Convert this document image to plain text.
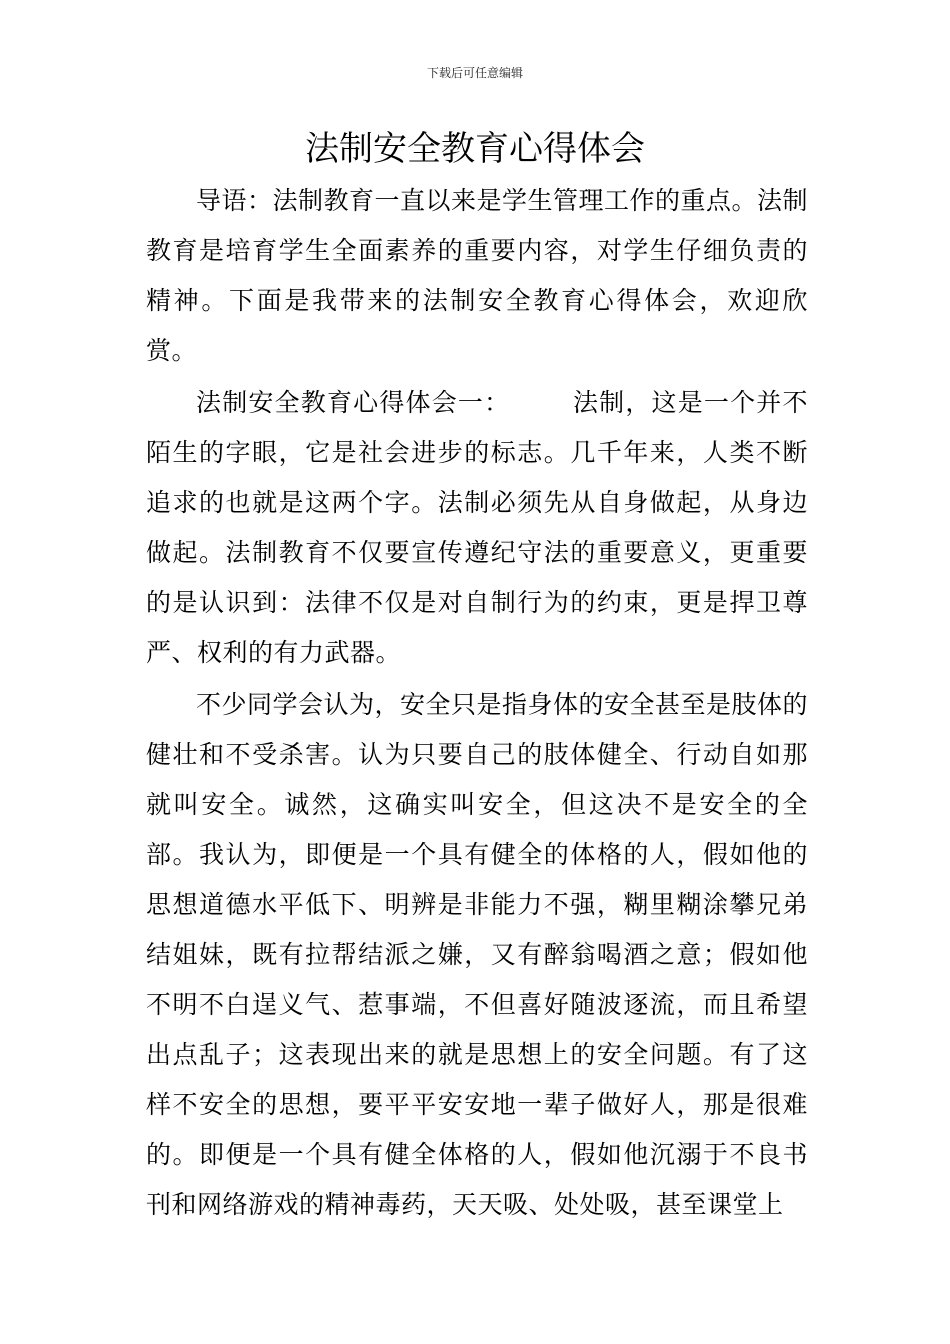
下载后可任意编辑
法制安全教育心得体会

导语：法制教育一直以来是学生管理工作的重点。法制教育是培育学生全面素养的重要内容，对学生仔细负责的精神。下面是我带来的法制安全教育心得体会，欢迎欣赏。

法制安全教育心得体会一： 法制，这是一个并不陌生的字眼，它是社会进步的标志。几千年来，人类不断追求的也就是这两个字。法制必须先从自身做起，从身边做起。法制教育不仅要宣传遵纪守法的重要意义，更重要的是认识到：法律不仅是对自制行为的约束，更是捍卫尊严、权利的有力武器。

不少同学会认为，安全只是指身体的安全甚至是肢体的健壮和不受杀害。认为只要自己的肢体健全、行动自如那就叫安全。诚然，这确实叫安全，但这决不是安全的全部。我认为，即便是一个具有健全的体格的人，假如他的思想道德水平低下、明辨是非能力不强，糊里糊涂攀兄弟结姐妹，既有拉帮结派之嫌，又有醉翁喝酒之意；假如他不明不白逞义气、惹事端，不但喜好随波逐流，而且希望出点乱子；这表现出来的就是思想上的安全问题。有了这样不安全的思想，要平平安安地一辈子做好人，那是很难的。即便是一个具有健全体格的人，假如他沉溺于不良书刊和网络游戏的精神毒药，天天吸、处处吸，甚至课堂上
